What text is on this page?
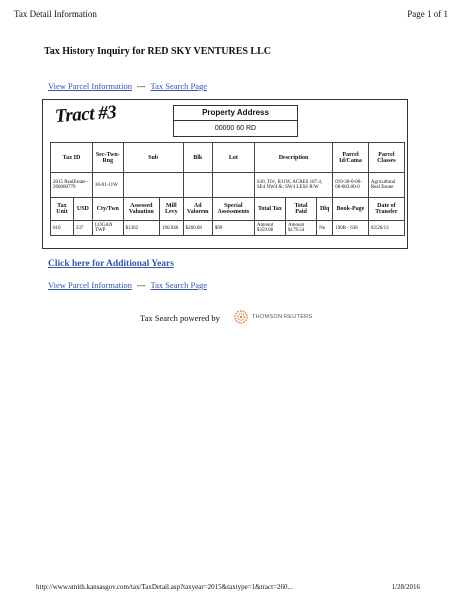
Tax Detail Information	Page 1 of 1
Tax History Inquiry for RED SKY VENTURES LLC
View Parcel Information --- Tax Search Page
Tract #3	Property Address
00000 60 RD
Tax ID		Sec-Twn-Rng	Sub		Blk	Lot	Description			Parcel Id/Cama	Parcel Classes
2015 RealEstate - 260000770		30-01-11W					S30, T01, R11W, ACRES 187.4, SE4 NW4 &; SW4 LESS R/W			019-30-0-00-00-003.00-0	Agricultural Real Estate
Tax Unit	USD	Cty/Twn	Assessed Valuation	Mill Levy	Ad Valorem	Special Assessments	Total Tax	Total Paid	Dlq	Book-Page	Date of Transfer
010	237	LOGAN TWP	$1362	190.946	$260.08	$99	Amount $359.08	Amount $179.54	No	190R - 638	02/26/13
Click here for Additional Years
View Parcel Information --- Tax Search Page
Tax Search powered by	THOMSON REUTERS
http://www.smith.kansasgov.com/tax/TaxDetail.asp?taxyear=2015&taxtype=1&tract=260...	1/28/2016
